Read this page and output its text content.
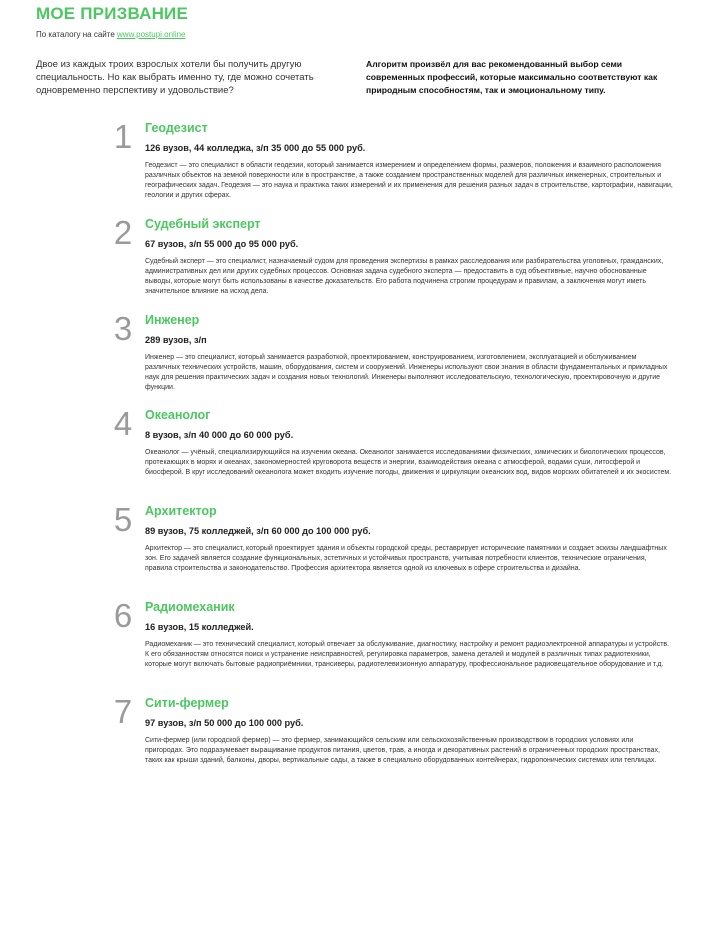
МОЕ ПРИЗВАНИЕ
По каталогу на сайте www.postupi.online
Двое из каждых троих взрослых хотели бы получить другую специальность. Но как выбрать именно ту, где можно сочетать одновременно перспективу и удовольствие?
Алгоритм произвёл для вас рекомендованный выбор семи современных профессий, которые максимально соответствуют как природным способностям, так и эмоциональному типу.
1	Геодезист
126 вузов, 44 колледжа, з/п 35 000 до 55 000 руб.
Геодезист — это специалист в области геодезии, который занимается измерением и определением формы, размеров, положения и взаимного расположения различных объектов на земной поверхности или в пространстве, а также созданием пространственных моделей для различных инженерных, строительных и географических задач. Геодезия — это наука и практика таких измерений и их применения для решения разных задач в строительстве, картографии, навигации, геологии и других сферах.
2	Судебный эксперт
67 вузов, з/п 55 000 до 95 000 руб.
Судебный эксперт — это специалист, назначаемый судом для проведения экспертизы в рамках расследования или разбирательства уголовных, гражданских, административных дел или других судебных процессов. Основная задача судебного эксперта — предоставить в суд объективные, научно обоснованные выводы, которые могут быть использованы в качестве доказательств. Его работа подчинена строгим процедурам и правилам, а заключения могут иметь значительное влияние на исход дела.
3	Инженер
289 вузов, з/п
Инженер — это специалист, который занимается разработкой, проектированием, конструированием, изготовлением, эксплуатацией и обслуживанием различных технических устройств, машин, оборудования, систем и сооружений. Инженеры используют свои знания в области фундаментальных и прикладных наук для решения практических задач и создания новых технологий. Инженеры выполняют исследовательскую, технологическую, проектировочную и другие функции.
4	Океанолог
8 вузов, з/п 40 000 до 60 000 руб.
Океанолог — учёный, специализирующийся на изучении океана. Океанолог занимается исследованиями физических, химических и биологических процессов, протекающих в морях и океанах, закономерностей круговорота веществ и энергии, взаимодействия океана с атмосферой, водами суши, литосферой и биосферой. В круг исследований океанолога может входить изучение погоды, движения и циркуляции океанских вод, видов морских обитателей и их экосистем.
5	Архитектор
89 вузов, 75 колледжей, з/п 60 000 до 100 000 руб.
Архитектор — это специалист, который проектирует здания и объекты городской среды, реставрирует исторические памятники и создает эскизы ландшафтных зон. Его задачей является создание функциональных, эстетичных и устойчивых пространств, учитывая потребности клиентов, технические ограничения, правила строительства и законодательство. Профессия архитектора является одной из ключевых в сфере строительства и дизайна.
6	Радиомеханик
16 вузов, 15 колледжей.
Радиомеханик — это технический специалист, который отвечает за обслуживание, диагностику, настройку и ремонт радиоэлектронной аппаратуры и устройств. К его обязанностям относятся поиск и устранение неисправностей, регулировка параметров, замена деталей и модулей в различных типах радиотехники, которые могут включать бытовые радиоприёмники, трансиверы, радиотелевизионную аппаратуру, профессиональное радиовещательное оборудование и т.д.
7	Сити-фермер
97 вузов, з/п 50 000 до 100 000 руб.
Сити-фермер (или городской фермер) — это фермер, занимающийся сельским или сельскохозяйственным производством в городских условиях или пригородах. Это подразумевает выращивание продуктов питания, цветов, трав, а иногда и декоративных растений в ограниченных городских пространствах, таких как крыши зданий, балконы, дворы, вертикальные сады, а также в специально оборудованных контейнерах, гидропонических системах или теплицах.
